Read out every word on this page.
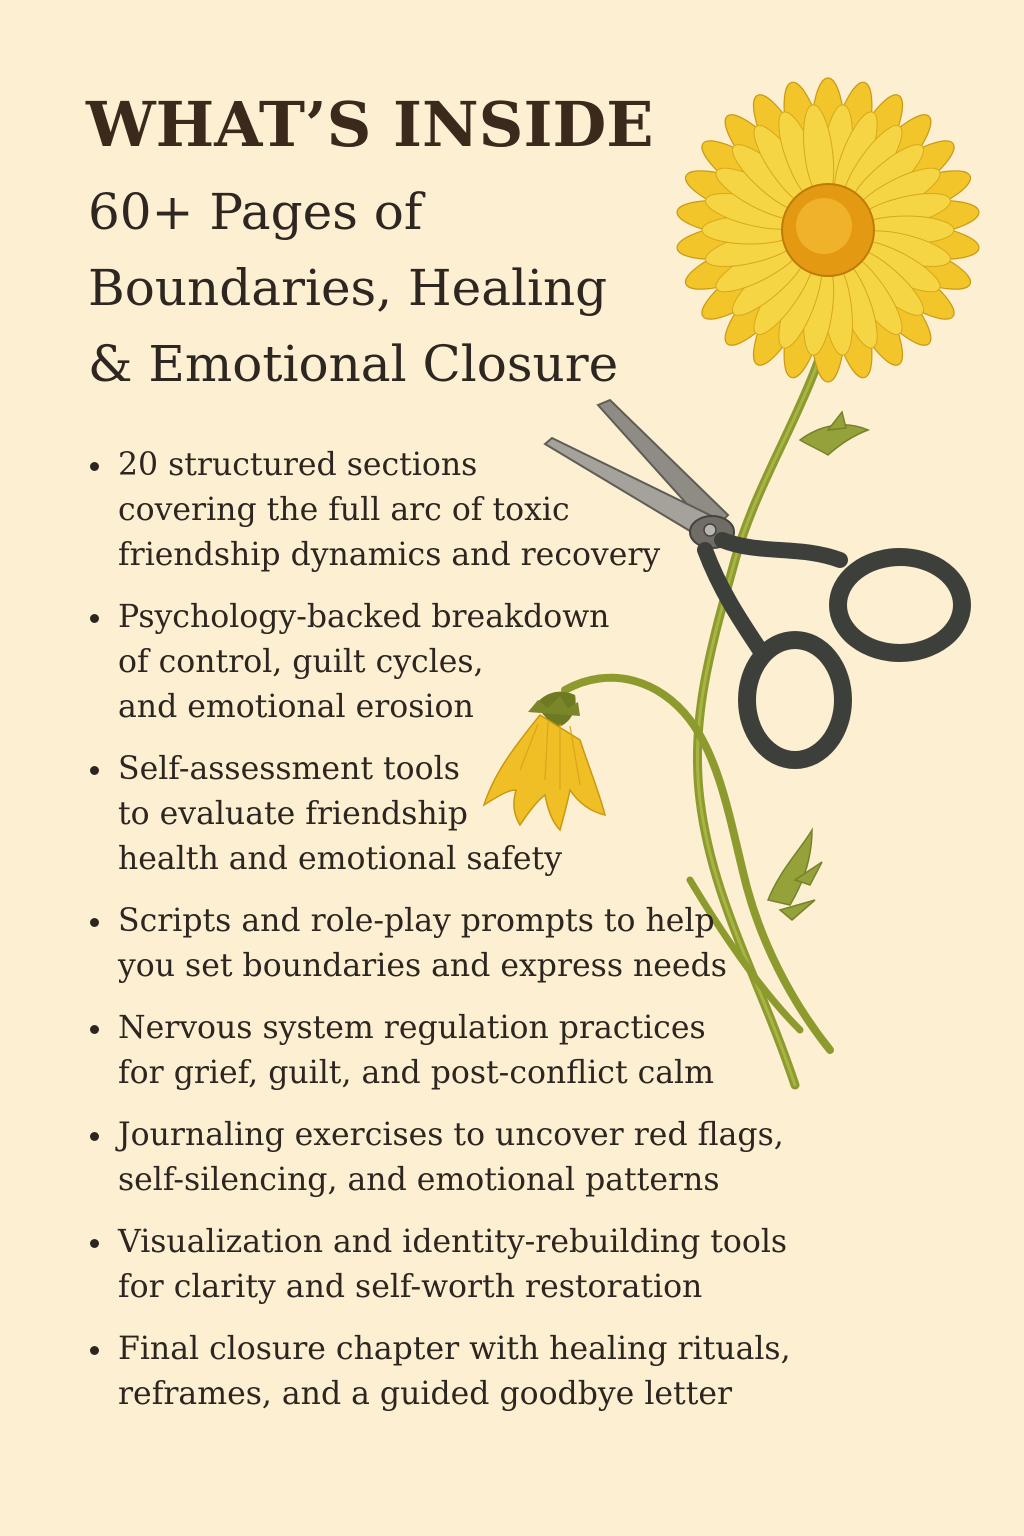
WHAT’S INSIDE
60+ Pages of
Boundaries, Healing
& Emotional Closure
20 structured sections
covering the full arc of toxic
friendship dynamics and recovery
Psychology-backed breakdown
of control, guilt cycles,
and emotional erosion
Self-assessment tools
to evaluate friendship
health and emotional safety
Scripts and role-play prompts to help
you set boundaries and express needs
Nervous system regulation practices
for grief, guilt, and post-conflict calm
Journaling exercises to uncover red flags,
self-silencing, and emotional patterns
Visualization and identity-rebuilding tools
for clarity and self-worth restoration
Final closure chapter with healing rituals,
reframes, and a guided goodbye letter
